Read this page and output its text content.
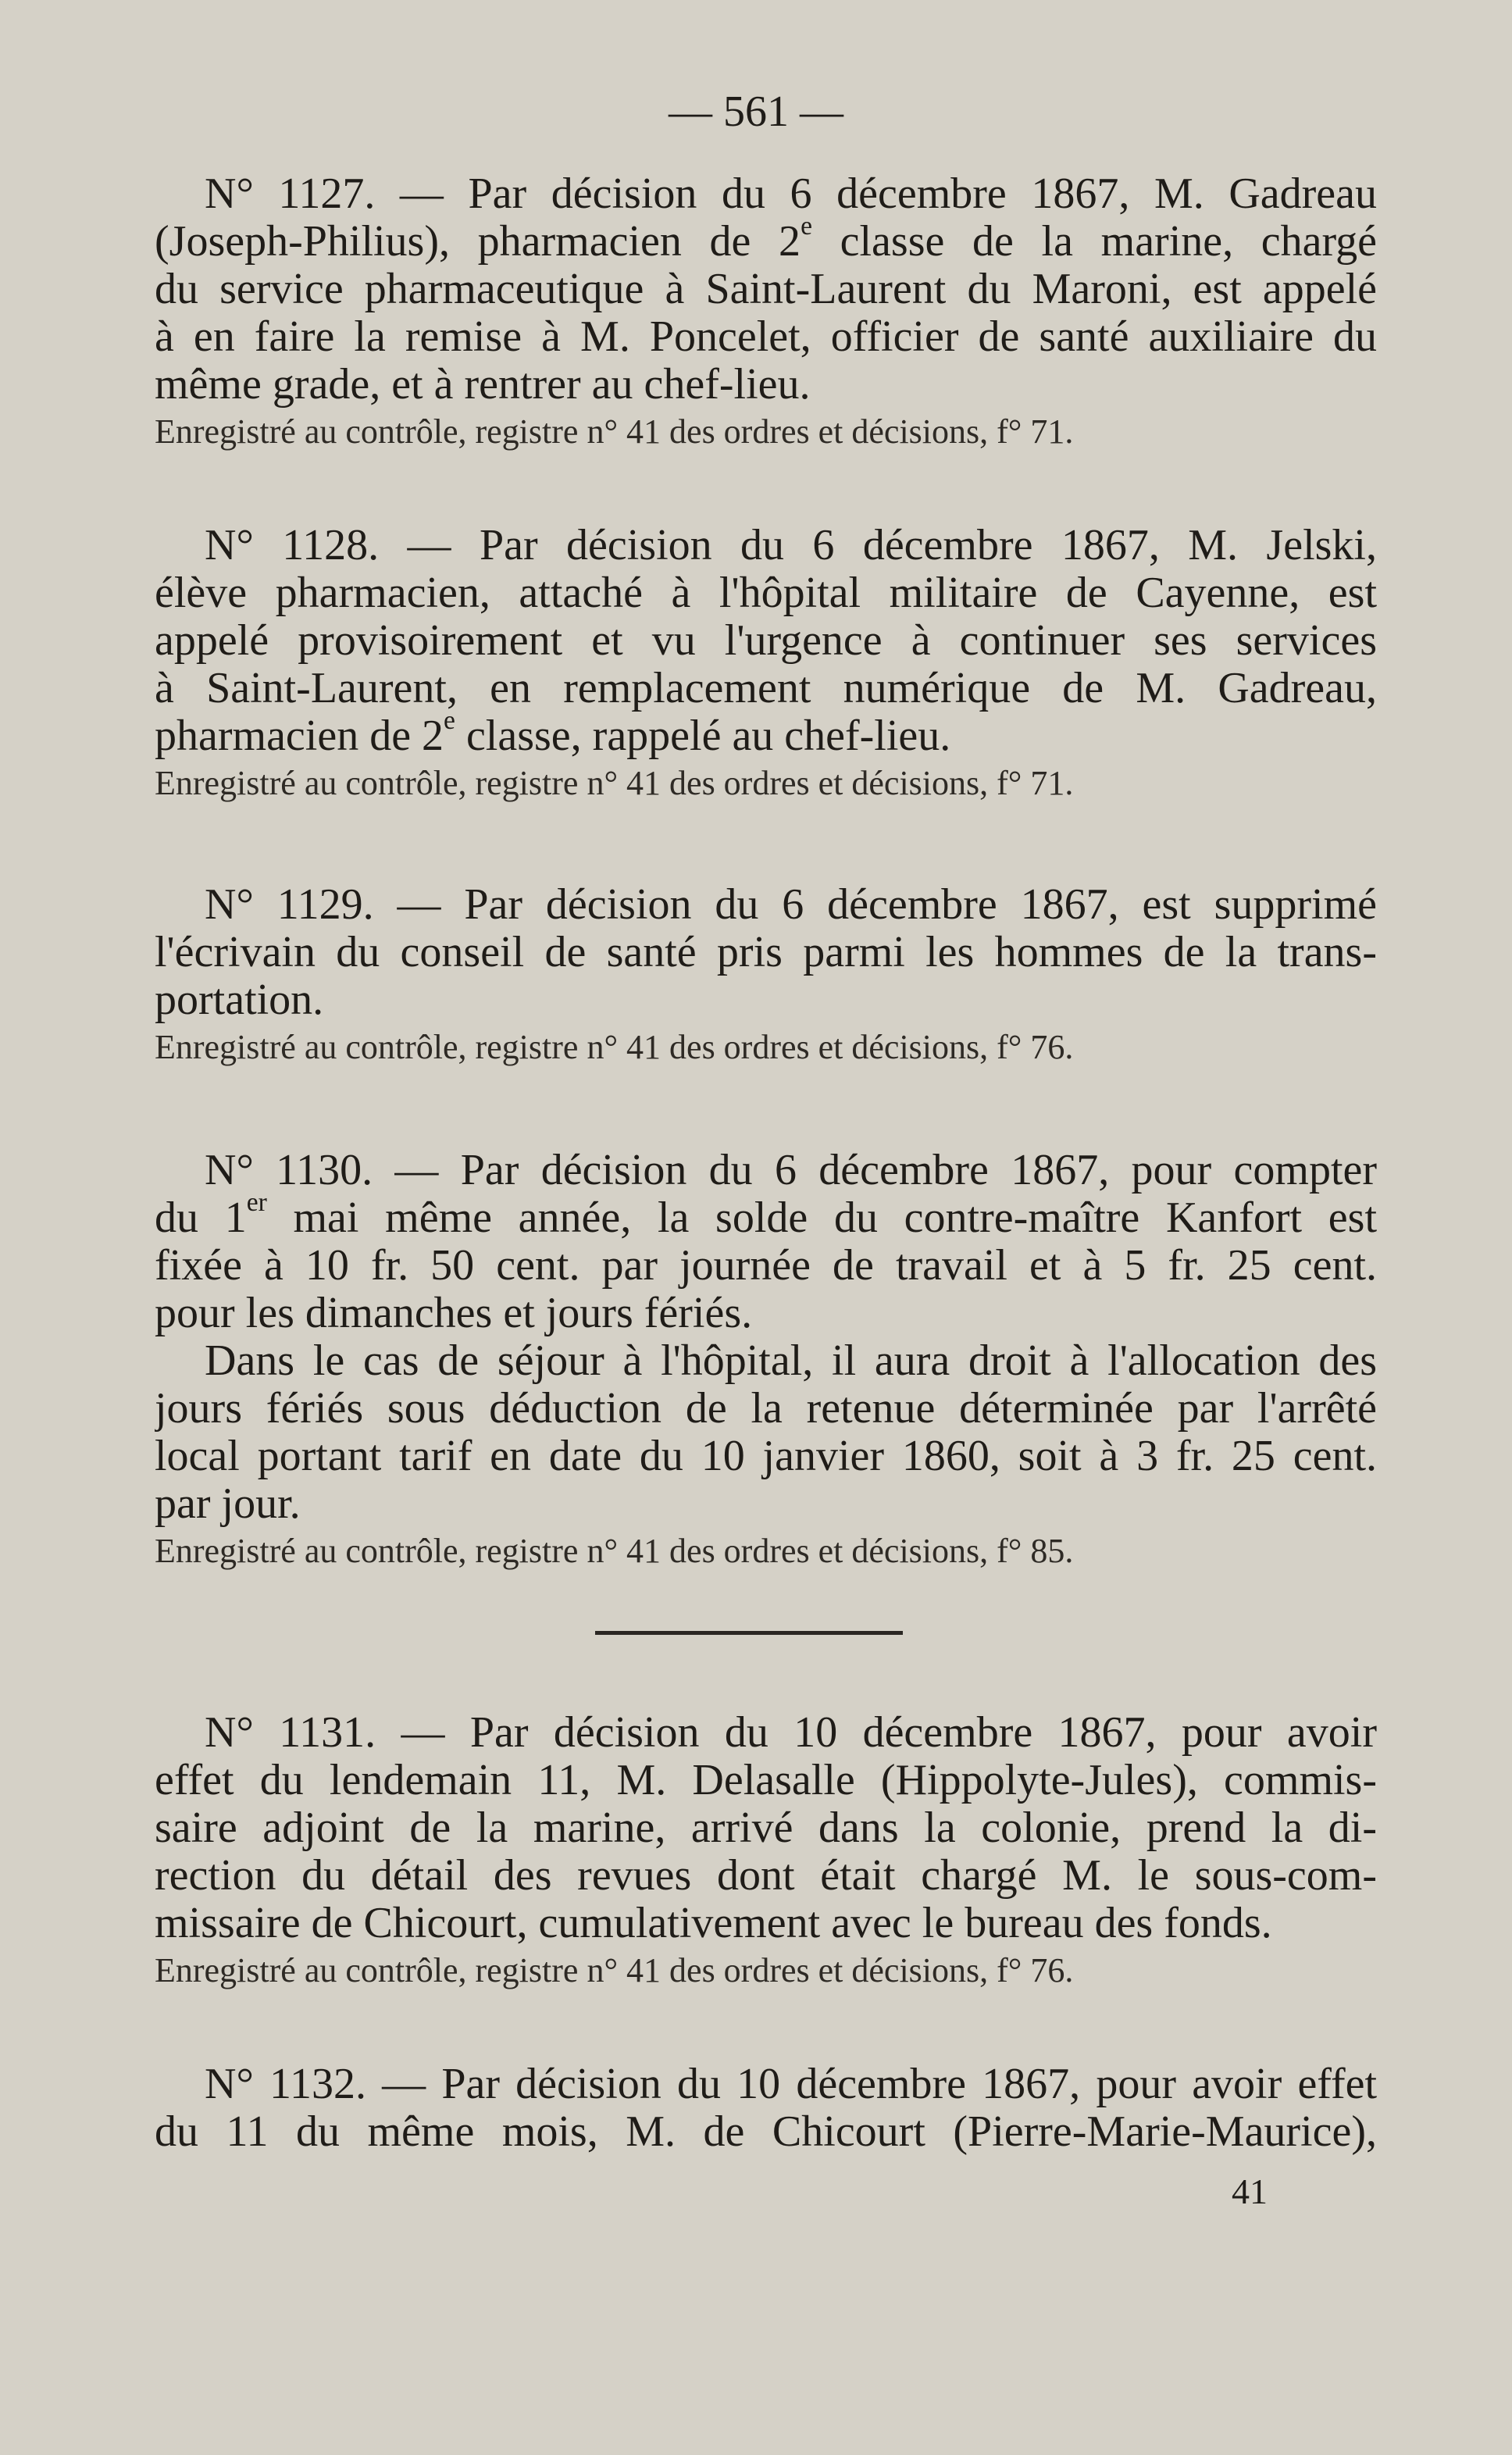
— 561 —
N° 1127. — Par décision du 6 décembre 1867, M. Gadreau
(Joseph-Philius), pharmacien de 2e classe de la marine, chargé
du service pharmaceutique à Saint-Laurent du Maroni, est appelé
à en faire la remise à M. Poncelet, officier de santé auxiliaire du
même grade, et à rentrer au chef-lieu.
Enregistré au contrôle, registre n° 41 des ordres et décisions, f° 71.
N° 1128. — Par décision du 6 décembre 1867, M. Jelski,
élève pharmacien, attaché à l'hôpital militaire de Cayenne, est
appelé provisoirement et vu l'urgence à continuer ses services
à Saint-Laurent, en remplacement numérique de M. Gadreau,
pharmacien de 2e classe, rappelé au chef-lieu.
Enregistré au contrôle, registre n° 41 des ordres et décisions, f° 71.
N° 1129. — Par décision du 6 décembre 1867, est supprimé
l'écrivain du conseil de santé pris parmi les hommes de la trans-
portation.
Enregistré au contrôle, registre n° 41 des ordres et décisions, f° 76.
N° 1130. — Par décision du 6 décembre 1867, pour compter
du 1er mai même année, la solde du contre-maître Kanfort est
fixée à 10 fr. 50 cent. par journée de travail et à 5 fr. 25 cent.
pour les dimanches et jours fériés.
Dans le cas de séjour à l'hôpital, il aura droit à l'allocation des
jours fériés sous déduction de la retenue déterminée par l'arrêté
local portant tarif en date du 10 janvier 1860, soit à 3 fr. 25 cent.
par jour.
Enregistré au contrôle, registre n° 41 des ordres et décisions, f° 85.
N° 1131. — Par décision du 10 décembre 1867, pour avoir
effet du lendemain 11, M. Delasalle (Hippolyte-Jules), commis-
saire adjoint de la marine, arrivé dans la colonie, prend la di-
rection du détail des revues dont était chargé M. le sous-com-
missaire de Chicourt, cumulativement avec le bureau des fonds.
Enregistré au contrôle, registre n° 41 des ordres et décisions, f° 76.
N° 1132. — Par décision du 10 décembre 1867, pour avoir effet
du 11 du même mois, M. de Chicourt (Pierre-Marie-Maurice),
41
